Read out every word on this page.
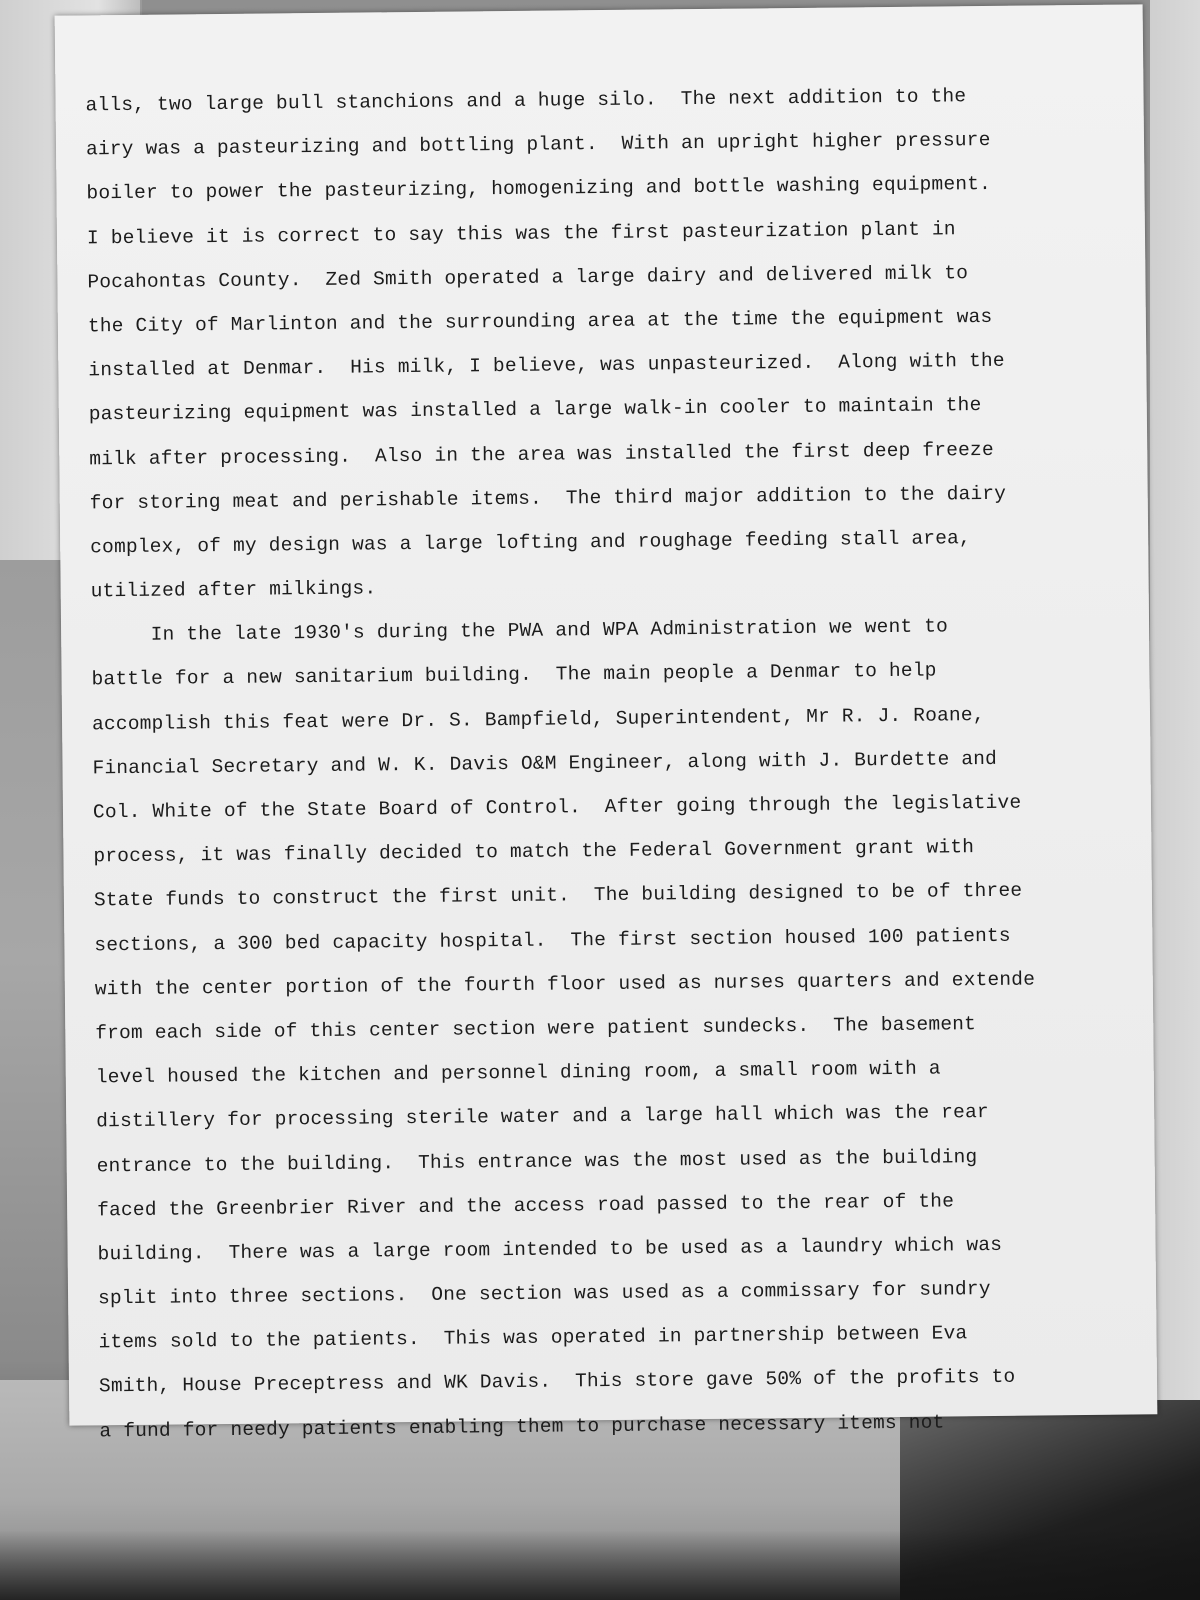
alls, two large bull stanchions and a huge silo.  The next addition to the
airy was a pasteurizing and bottling plant.  With an upright higher pressure
boiler to power the pasteurizing, homogenizing and bottle washing equipment.
I believe it is correct to say this was the first pasteurization plant in
Pocahontas County.  Zed Smith operated a large dairy and delivered milk to
the City of Marlinton and the surrounding area at the time the equipment was
installed at Denmar.  His milk, I believe, was unpasteurized.  Along with the
pasteurizing equipment was installed a large walk-in cooler to maintain the
milk after processing.  Also in the area was installed the first deep freeze
for storing meat and perishable items.  The third major addition to the dairy
complex, of my design was a large lofting and roughage feeding stall area,
utilized after milkings.
In the late 1930's during the PWA and WPA Administration we went to
battle for a new sanitarium building.  The main people a Denmar to help
accomplish this feat were Dr. S. Bampfield, Superintendent, Mr R. J. Roane,
Financial Secretary and W. K. Davis O&M Engineer, along with J. Burdette and
Col. White of the State Board of Control.  After going through the legislative
process, it was finally decided to match the Federal Government grant with
State funds to construct the first unit.  The building designed to be of three
sections, a 300 bed capacity hospital.  The first section housed 100 patients
with the center portion of the fourth floor used as nurses quarters and extende
from each side of this center section were patient sundecks.  The basement
level housed the kitchen and personnel dining room, a small room with a
distillery for processing sterile water and a large hall which was the rear
entrance to the building.  This entrance was the most used as the building
faced the Greenbrier River and the access road passed to the rear of the
building.  There was a large room intended to be used as a laundry which was
split into three sections.  One section was used as a commissary for sundry
items sold to the patients.  This was operated in partnership between Eva
Smith, House Preceptress and WK Davis.  This store gave 50% of the profits to
a fund for needy patients enabling them to purchase necessary items not
